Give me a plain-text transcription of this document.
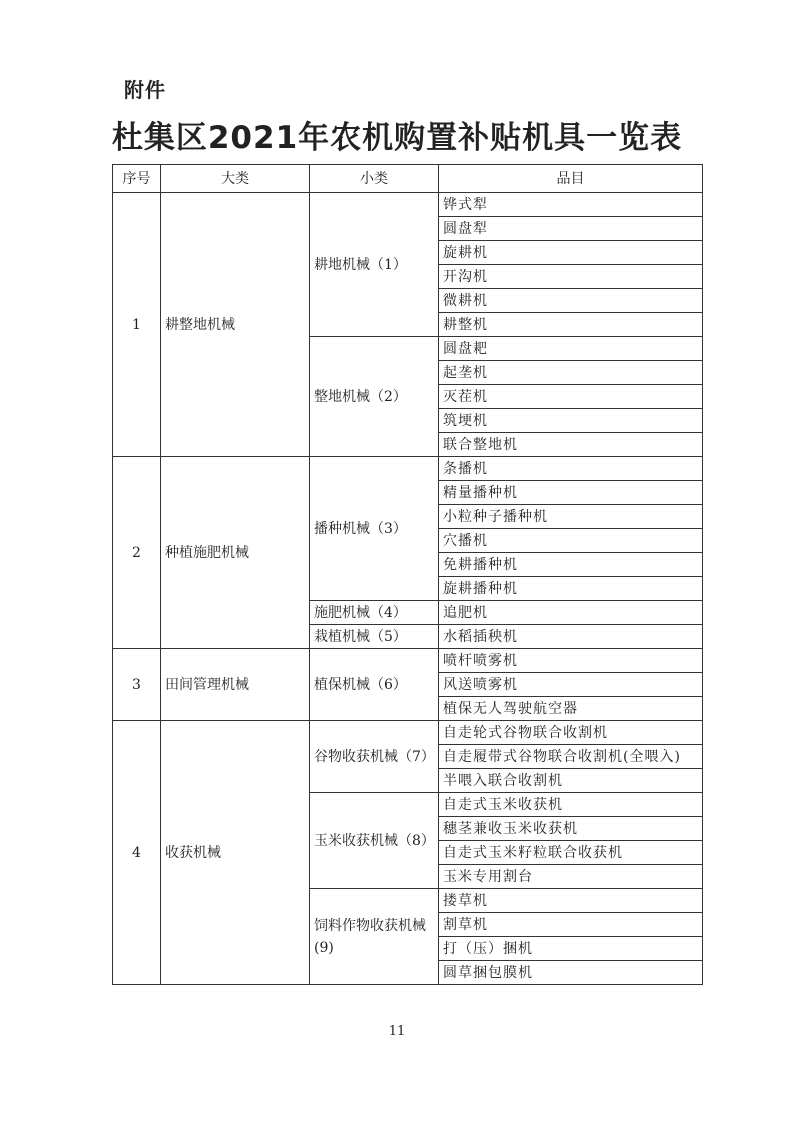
附件
杜集区2021年农机购置补贴机具一览表
序号	大类	小类	品目
1	耕整地机械	耕地机械（1）	铧式犁
			圆盘犁
			旋耕机
			开沟机
			微耕机
			耕整机
		整地机械（2）	圆盘耙
			起垄机
			灭茬机
			筑埂机
			联合整地机
2	种植施肥机械	播种机械（3）	条播机
			精量播种机
			小粒种子播种机
			穴播机
			免耕播种机
			旋耕播种机
		施肥机械（4）	追肥机
		栽植机械（5）	水稻插秧机
3	田间管理机械	植保机械（6）	喷杆喷雾机
			风送喷雾机
			植保无人驾驶航空器
4	收获机械	谷物收获机械（7）	自走轮式谷物联合收割机
			自走履带式谷物联合收割机(全喂入)
			半喂入联合收割机
		玉米收获机械（8）	自走式玉米收获机
			穗茎兼收玉米收获机
			自走式玉米籽粒联合收获机
			玉米专用割台
		饲料作物收获机械(9)	搂草机
			割草机
			打（压）捆机
			圆草捆包膜机
11
